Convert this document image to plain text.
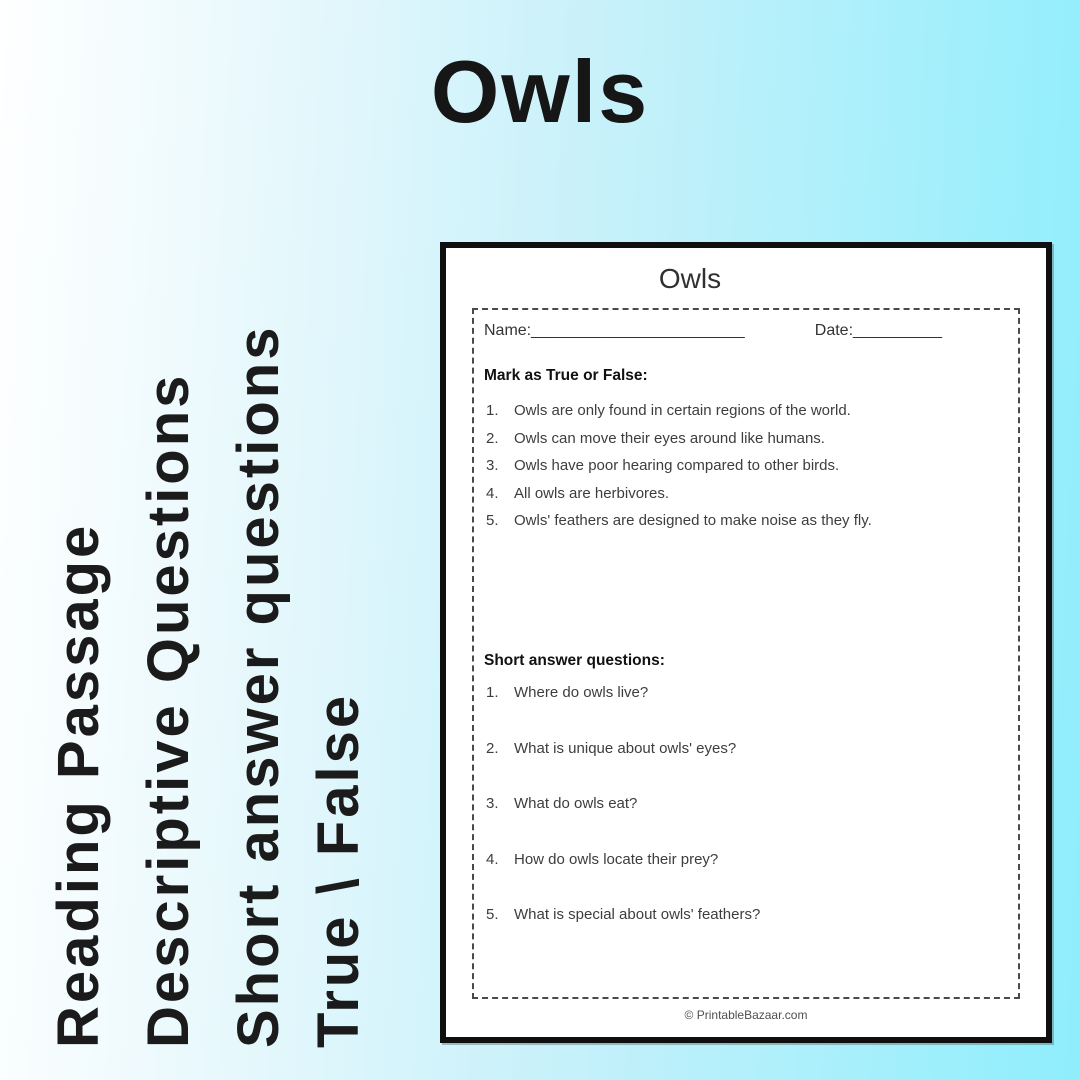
Owls
Reading Passage Descriptive Questions Short answer questions True \ False
Owls
Name:________________________	Date:__________
Mark as True or False:
1.	Owls are only found in certain regions of the world.
2.	Owls can move their eyes around like humans.
3.	Owls have poor hearing compared to other birds.
4.	All owls are herbivores.
5.	Owls' feathers are designed to make noise as they fly.
Short answer questions:
1.	Where do owls live?
2.	What is unique about owls' eyes?
3.	What do owls eat?
4.	How do owls locate their prey?
5.	What is special about owls' feathers?
© PrintableBazaar.com
